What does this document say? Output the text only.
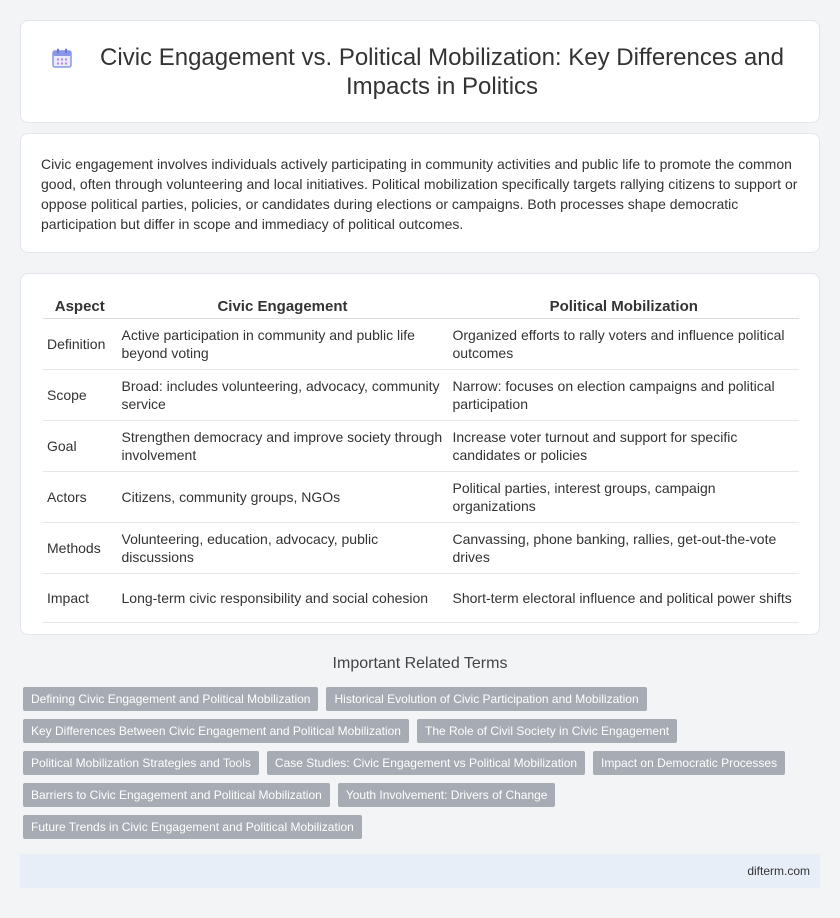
Civic Engagement vs. Political Mobilization: Key Differences and Impacts in Politics

Civic engagement involves individuals actively participating in community activities and public life to promote the common good, often through volunteering and local initiatives. Political mobilization specifically targets rallying citizens to support or oppose political parties, policies, or candidates during elections or campaigns. Both processes shape democratic participation but differ in scope and immediacy of political outcomes.

Aspect	Civic Engagement	Political Mobilization
Definition	Active participation in community and public life beyond voting	Organized efforts to rally voters and influence political outcomes
Scope	Broad: includes volunteering, advocacy, community service	Narrow: focuses on election campaigns and political participation
Goal	Strengthen democracy and improve society through involvement	Increase voter turnout and support for specific candidates or policies
Actors	Citizens, community groups, NGOs	Political parties, interest groups, campaign organizations
Methods	Volunteering, education, advocacy, public discussions	Canvassing, phone banking, rallies, get-out-the-vote drives
Impact	Long-term civic responsibility and social cohesion	Short-term electoral influence and political power shifts
Important Related Terms
Defining Civic Engagement and Political Mobilization	Historical Evolution of Civic Participation and Mobilization
Key Differences Between Civic Engagement and Political Mobilization	The Role of Civil Society in Civic Engagement
Political Mobilization Strategies and Tools	Case Studies: Civic Engagement vs Political Mobilization	Impact on Democratic Processes
Barriers to Civic Engagement and Political Mobilization	Youth Involvement: Drivers of Change
Future Trends in Civic Engagement and Political Mobilization
difterm.com
